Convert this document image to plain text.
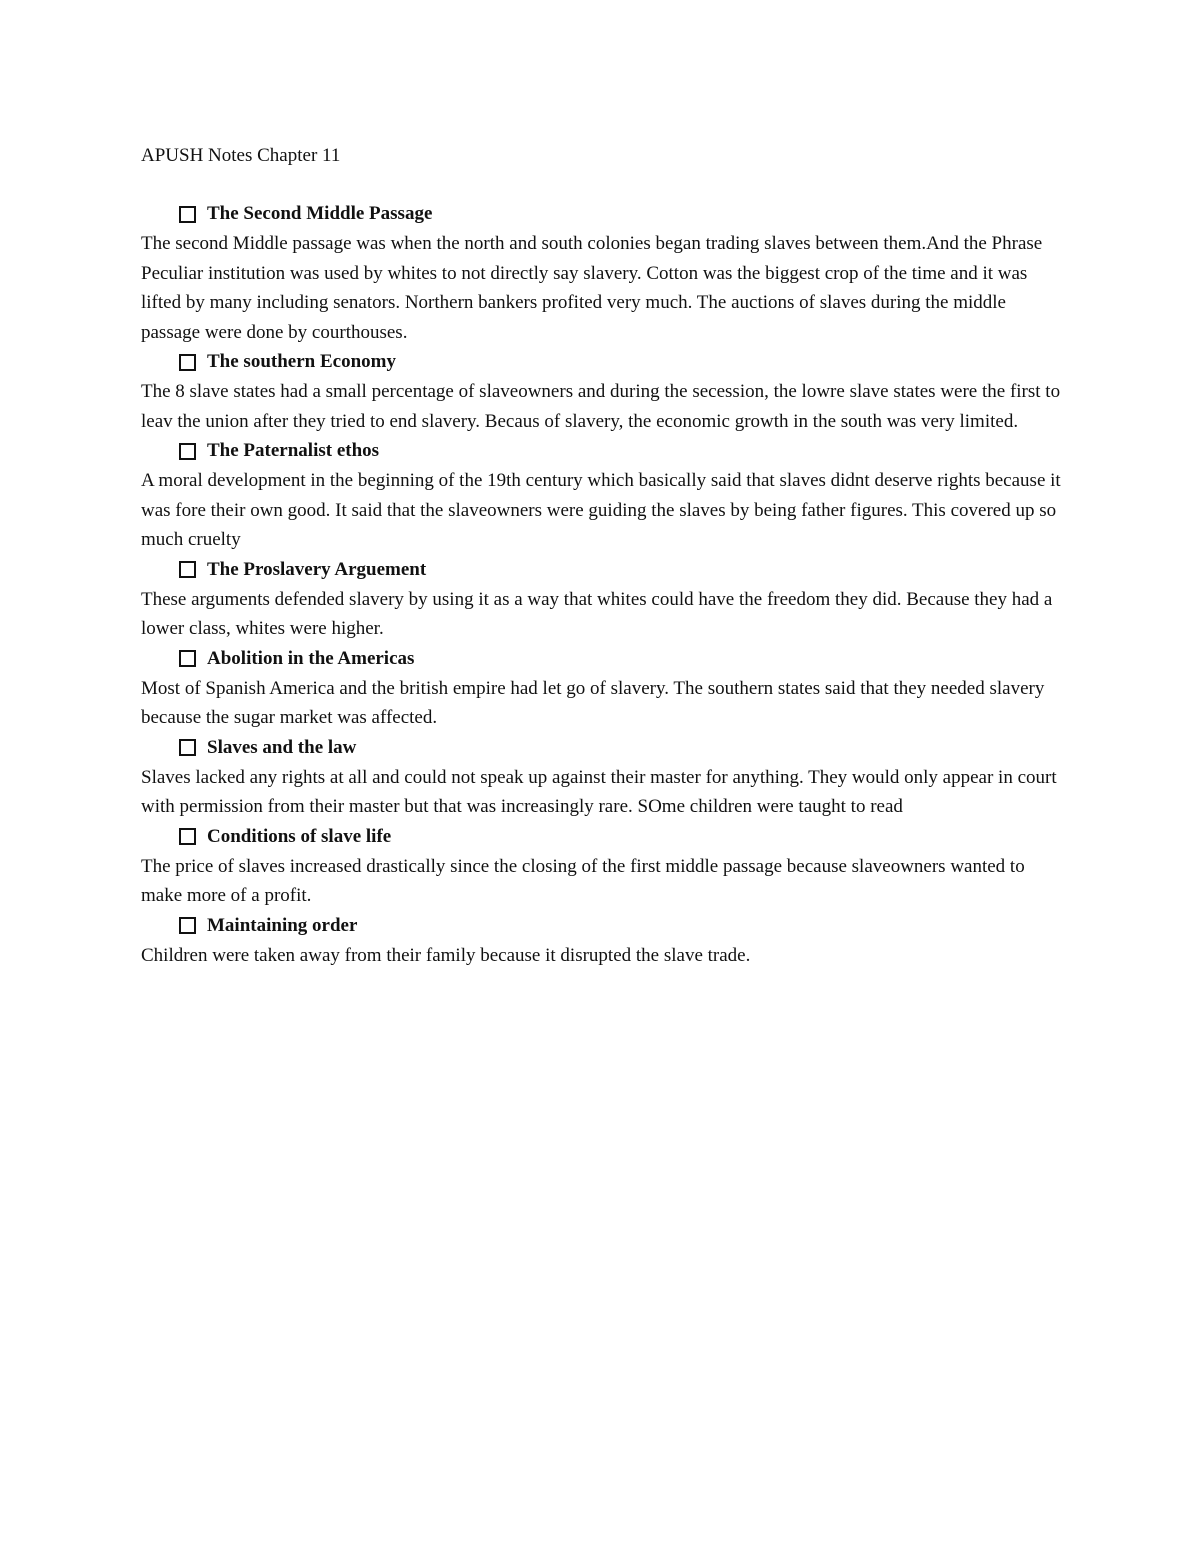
APUSH Notes Chapter 11
The Second Middle Passage

The second Middle passage was when the north and south colonies began trading slaves between them.And the Phrase Peculiar institution was used by whites to not directly say slavery. Cotton was the biggest crop of the time and it was lifted by many including senators. Northern bankers profited very much. The auctions of slaves during the middle passage were done by courthouses.

The southern Economy

The 8 slave states had a small percentage of slaveowners and during the secession, the lowre slave states were the first to leav the union after they tried to end slavery. Becaus of slavery, the economic growth in the south was very limited.

The Paternalist ethos

A moral development in the beginning of the 19th century which basically said that slaves didnt deserve rights because it was fore their own good. It said that the slaveowners were guiding the slaves by being father figures. This covered up so much cruelty

The Proslavery Arguement

These arguments defended slavery by using it as a way that whites could have the freedom they did. Because they had a lower class, whites were higher.

Abolition in the Americas

Most of Spanish America and the british empire had let go of slavery. The southern states said that they needed slavery because the sugar market was affected.

Slaves and the law

Slaves lacked any rights at all and could not speak up against their master for anything. They would only appear in court with permission from their master but that was increasingly rare. SOme children were taught to read

Conditions of slave life

The price of slaves increased drastically since the closing of the first middle passage because slaveowners wanted to make more of a profit.

Maintaining order

Children were taken away from their family because it disrupted the slave trade.
